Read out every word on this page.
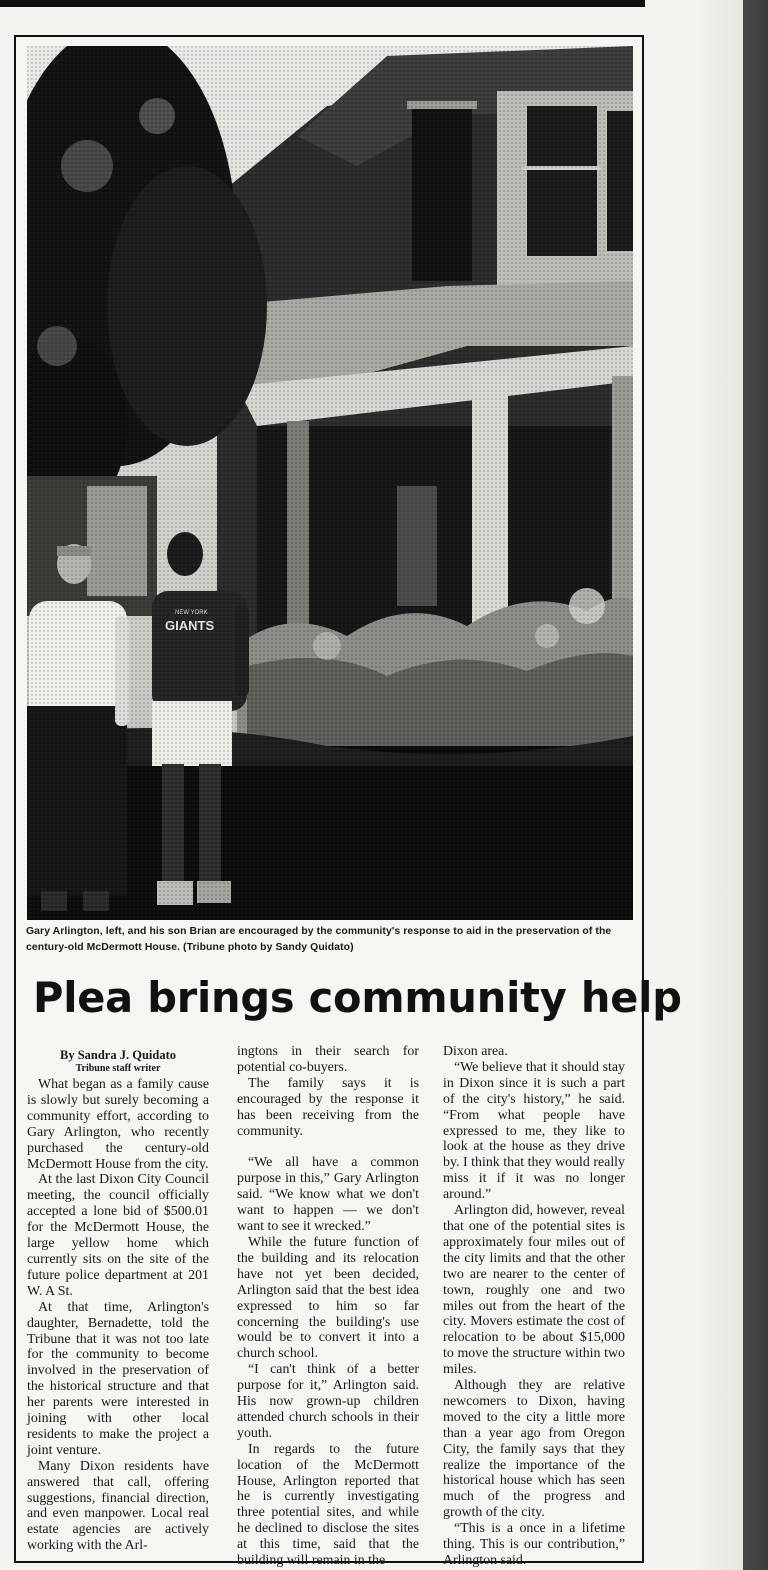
Gary Arlington, left, and his son Brian are encouraged by the community's response to aid in the preservation of the century-old McDermott House. (Tribune photo by Sandy Quidato)
Plea brings community help
By Sandra J. Quidato
Tribune staff writer

What began as a family cause is slowly but surely becoming a community effort, according to Gary Arlington, who recently purchased the century-old McDermott House from the city.

At the last Dixon City Council meeting, the council officially accepted a lone bid of $500.01 for the McDermott House, the large yellow home which currently sits on the site of the future police department at 201 W. A St.

At that time, Arlington's daughter, Bernadette, told the Tribune that it was not too late for the community to become involved in the preservation of the historical structure and that her parents were interested in joining with other local residents to make the project a joint venture.

Many Dixon residents have answered that call, offering suggestions, financial direction, and even manpower. Local real estate agencies are actively working with the Arl-

ingtons in their search for potential co-buyers.

The family says it is encouraged by the response it has been receiving from the community.

“We all have a common purpose in this,” Gary Arlington said. “We know what we don't want to happen — we don't want to see it wrecked.”

While the future function of the building and its relocation have not yet been decided, Arlington said that the best idea expressed to him so far concerning the building's use would be to convert it into a church school.

“I can't think of a better purpose for it,” Arlington said. His now grown-up children attended church schools in their youth.

In regards to the future location of the McDermott House, Arlington reported that he is currently investigating three potential sites, and while he declined to disclose the sites at this time, said that the building will remain in the

Dixon area.

“We believe that it should stay in Dixon since it is such a part of the city's history,” he said. “From what people have expressed to me, they like to look at the house as they drive by. I think that they would really miss it if it was no longer around.”

Arlington did, however, reveal that one of the potential sites is approximately four miles out of the city limits and that the other two are nearer to the center of town, roughly one and two miles out from the heart of the city. Movers estimate the cost of relocation to be about $15,000 to move the structure within two miles.

Although they are relative newcomers to Dixon, having moved to the city a little more than a year ago from Oregon City, the family says that they realize the importance of the historical house which has seen much of the progress and growth of the city.

“This is a once in a lifetime thing. This is our contribution,” Arlington said.
